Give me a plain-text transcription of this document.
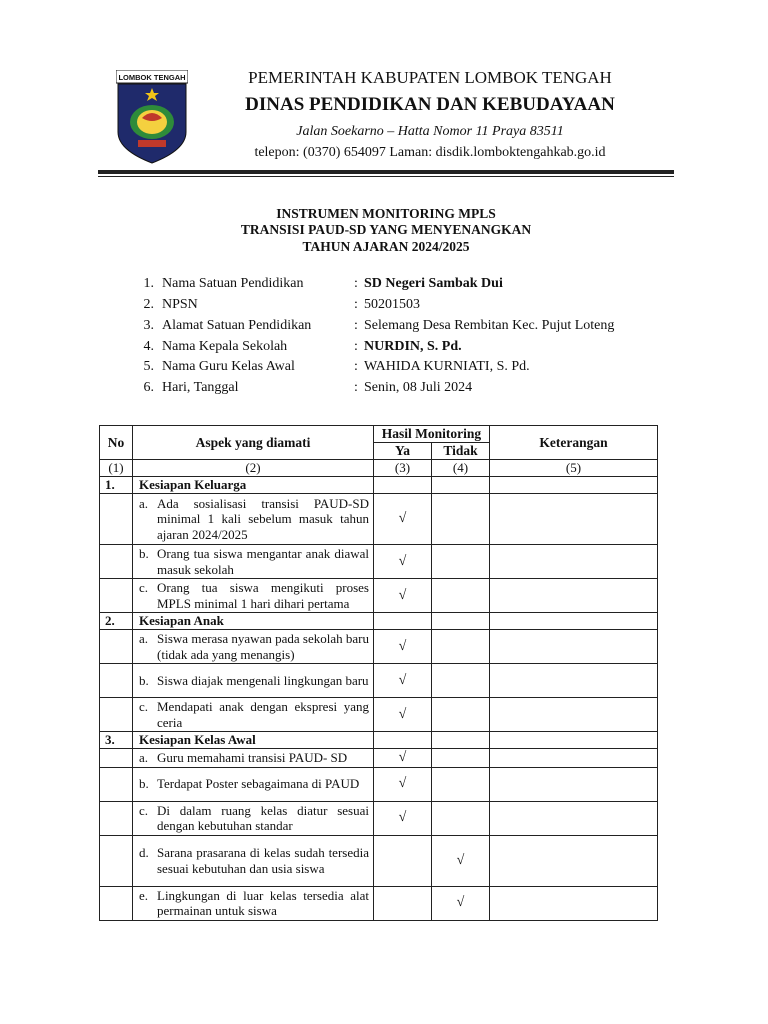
LOMBOK TENGAH	PEMERINTAH KABUPATEN LOMBOK TENGAH
DINAS PENDIDIKAN DAN KEBUDAYAAN
Jalan Soekarno – Hatta Nomor 11 Praya 83511
telepon: (0370) 654097 Laman: disdik.lomboktengahkab.go.id
INSTRUMEN MONITORING MPLS
TRANSISI PAUD-SD YANG MENYENANGKAN
TAHUN AJARAN 2024/2025
1. Nama Satuan Pendidikan	: SD Negeri Sambak Dui
2. NPSN	: 50201503
3. Alamat Satuan Pendidikan	: Selemang Desa Rembitan Kec. Pujut Loteng
4. Nama Kepala Sekolah	: NURDIN, S. Pd.
5. Nama Guru Kelas Awal	: WAHIDA KURNIATI, S. Pd.
6. Hari, Tanggal	: Senin, 08 Juli 2024
No	Aspek yang diamati	Hasil Monitoring		Keterangan
		Ya	Tidak	
(1)	(2)	(3)	(4)	(5)
1.	Kesiapan Keluarga			

	a. Ada sosialisasi transisi PAUD-SD minimal 1 kali sebelum masuk tahun ajaran 2024/2025	√		

	b. Orang tua siswa mengantar anak diawal masuk sekolah	√		

	c. Orang tua siswa mengikuti proses MPLS minimal 1 hari dihari pertama	√		
2.	Kesiapan Anak			

	a. Siswa merasa nyawan pada sekolah baru (tidak ada yang menangis)	√		

	b. Siswa diajak mengenali lingkungan baru	√		

	c. Mendapati anak dengan ekspresi yang ceria	√		
3.	Kesiapan Kelas Awal			

	a. Guru memahami transisi PAUD- SD	√		

	b. Terdapat Poster sebagaimana di PAUD	√		

	c. Di dalam ruang kelas diatur sesuai dengan kebutuhan standar	√		

	d. Sarana prasarana di kelas sudah tersedia sesuai kebutuhan dan usia siswa		√	

	e. Lingkungan di luar kelas tersedia alat permainan untuk siswa		√	
